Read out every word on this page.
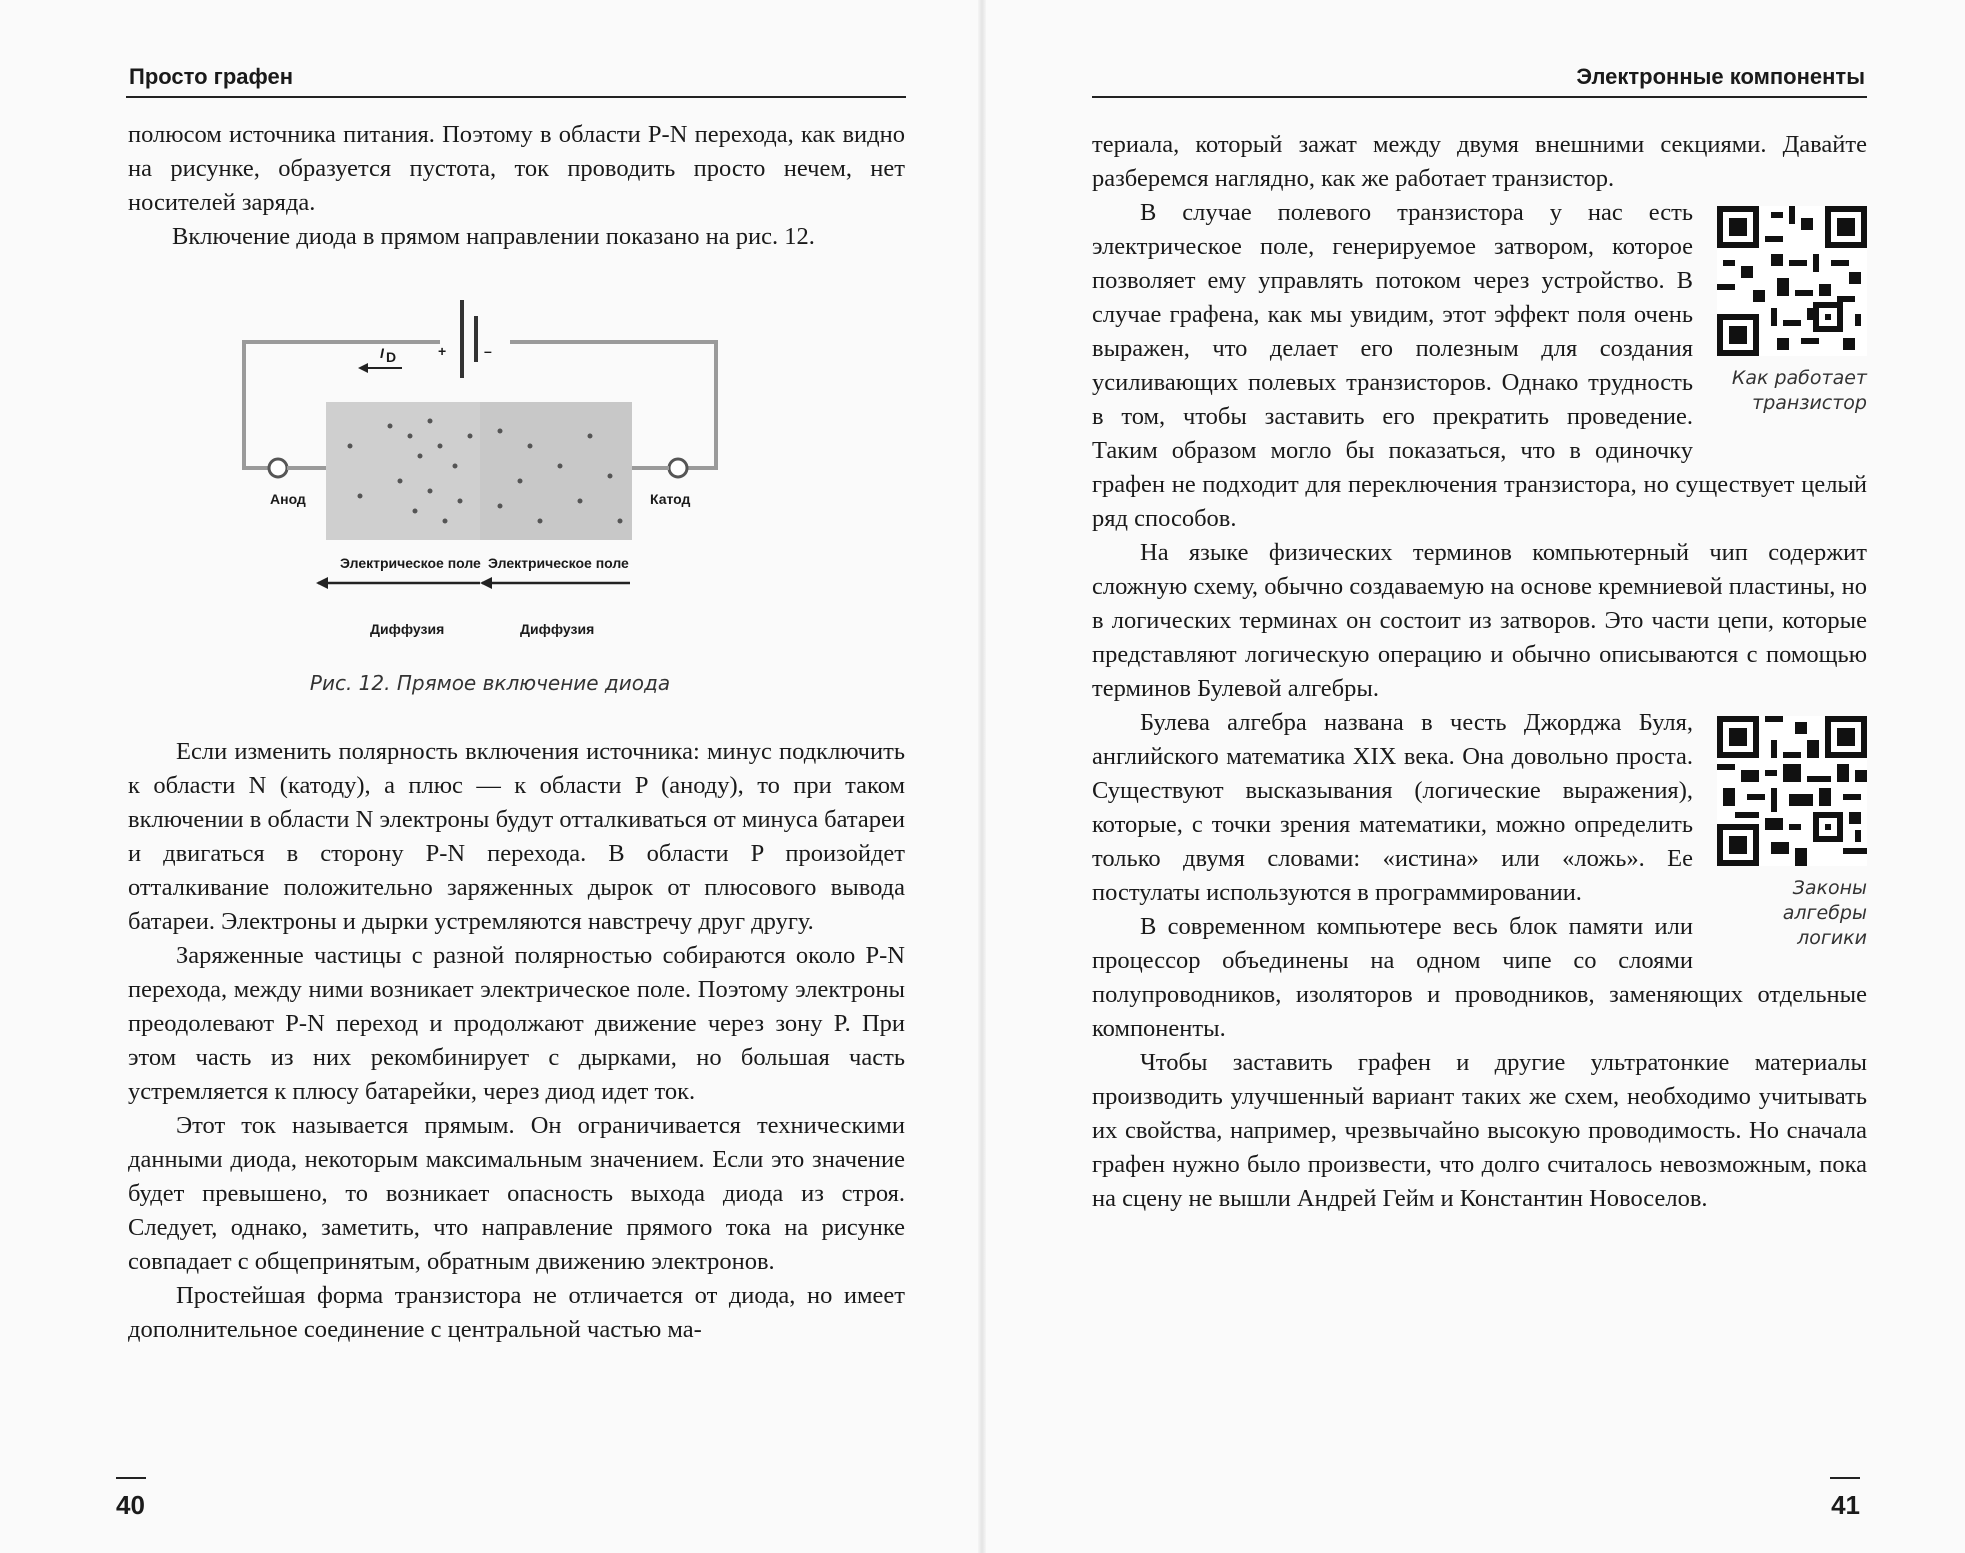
Просто графен

полюсом источника питания. Поэтому в области P-N перехода, как видно на рисунке, образуется пустота, ток проводить просто нечем, нет носителей заряда.

Включение диода в прямом направлении показано на рис. 12.

+	–
I D
Анод	Катод
Электрическое поле Электрическое поле
Диффузия	Диффузия
Рис. 12. Прямое включение диода

Если изменить полярность включения источника: минус подключить к области N (катоду), а плюс — к области P (аноду), то при таком включении в области N электроны будут отталкиваться от минуса батареи и двигаться в сторону P-N перехода. В области P произойдет отталкивание положительно заряженных дырок от плюсового вывода батареи. Электроны и дырки устремляются навстречу друг другу.

Заряженные частицы с разной полярностью собираются около P-N перехода, между ними возникает электрическое поле. Поэтому электроны преодолевают P-N переход и продолжают движение через зону P. При этом часть из них рекомбинирует с дырками, но большая часть устремляется к плюсу батарейки, через диод идет ток.

Этот ток называется прямым. Он ограничивается техническими данными диода, некоторым максимальным значением. Если это значение будет превышено, то возникает опасность выхода диода из строя. Следует, однако, заметить, что направление прямого тока на рисунке совпадает с общепринятым, обратным движению электронов.

Простейшая форма транзистора не отличается от диода, но имеет дополнительное соединение с центральной частью ма-

40
Электронные компоненты

териала, который зажат между двумя внешними секциями. Давайте разберемся наглядно, как же работает транзистор.

Как работает транзистор

В случае полевого транзистора у нас есть электрическое поле, генерируемое затвором, которое позволяет ему управлять потоком через устройство. В случае графена, как мы увидим, этот эффект поля очень выражен, что делает его полезным для создания усиливающих полевых транзисторов. Однако трудность в том, чтобы заставить его прекратить проведение. Таким образом могло бы показаться, что в одиночку графен не подходит для переключения транзистора, но существует целый ряд способов.

На языке физических терминов компьютерный чип содержит сложную схему, обычно создаваемую на основе кремниевой пластины, но в логических терминах он состоит из затворов. Это части цепи, которые представляют логическую операцию и обычно описываются с помощью терминов Булевой алгебры.

Законы алгебры логики

Булева алгебра названа в честь Джорджа Буля, английского математика XIX века. Она довольно проста. Существуют высказывания (логические выражения), которые, с точки зрения математики, можно определить только двумя словами: «истина» или «ложь». Ее постулаты используются в программировании.

В современном компьютере весь блок памяти или процессор объединены на одном чипе со слоями полупроводников, изоляторов и проводников, заменяющих отдельные компоненты.

Чтобы заставить графен и другие ультратонкие материалы производить улучшенный вариант таких же схем, необходимо учитывать их свойства, например, чрезвычайно высокую проводимость. Но сначала графен нужно было произвести, что долго считалось невозможным, пока на сцену не вышли Андрей Гейм и Константин Новоселов.

41
